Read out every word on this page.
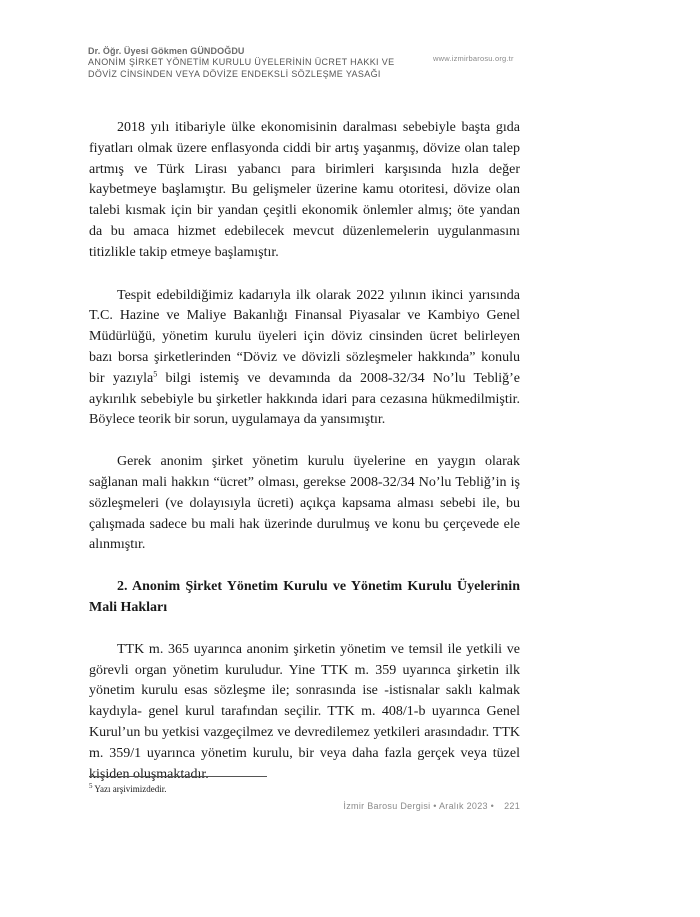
Dr. Öğr. Üyesi Gökmen GÜNDOĞDU
ANONİM ŞİRKET YÖNETİM KURULU ÜYELERİNİN ÜCRET HAKKI VE
DÖVİZ CİNSİNDEN VEYA DÖVİZE ENDEKSLİ SÖZLEŞME YASAĞI
www.izmirbarosu.org.tr

2018 yılı itibariyle ülke ekonomisinin daralması sebebiyle başta gıda fiyatları olmak üzere enflasyonda ciddi bir artış yaşanmış, dövize olan talep artmış ve Türk Lirası yabancı para birimleri karşısında hızla değer kaybetmeye başlamıştır. Bu gelişmeler üzerine kamu otoritesi, dövize olan talebi kısmak için bir yandan çeşitli ekonomik önlemler almış; öte yandan da bu amaca hizmet edebilecek mevcut düzenlemelerin uygulanmasını titizlikle takip etmeye başlamıştır.

Tespit edebildiğimiz kadarıyla ilk olarak 2022 yılının ikinci yarısında T.C. Hazine ve Maliye Bakanlığı Finansal Piyasalar ve Kambiyo Genel Müdürlüğü, yönetim kurulu üyeleri için döviz cinsinden ücret belirleyen bazı borsa şirketlerinden “Döviz ve dövizli sözleşmeler hakkında” konulu bir yazıyla$^5$ bilgi istemiş ve devamında da 2008-32/34 No’lu Tebliğ’e aykırılık sebebiyle bu şirketler hakkında idari para cezasına hükmedilmiştir. Böylece teorik bir sorun, uygulamaya da yansımıştır.

Gerek anonim şirket yönetim kurulu üyelerine en yaygın olarak sağlanan mali hakkın “ücret” olması, gerekse 2008-32/34 No’lu Tebliğ’in iş sözleşmeleri (ve dolayısıyla ücreti) açıkça kapsama alması sebebi ile, bu çalışmada sadece bu mali hak üzerinde durulmuş ve konu bu çerçevede ele alınmıştır.

2. Anonim Şirket Yönetim Kurulu ve Yönetim Kurulu Üyelerinin Mali Hakları

TTK m. 365 uyarınca anonim şirketin yönetim ve temsil ile yetkili ve görevli organ yönetim kuruludur. Yine TTK m. 359 uyarınca şirketin ilk yönetim kurulu esas sözleşme ile; sonrasında ise -istisnalar saklı kalmak kaydıyla- genel kurul tarafından seçilir. TTK m. 408/1-b uyarınca Genel Kurul’un bu yetkisi vazgeçilmez ve devredilemez yetkileri arasındadır. TTK m. 359/1 uyarınca yönetim kurulu, bir veya daha fazla gerçek veya tüzel kişiden oluşmaktadır.

$^5$ Yazı arşivimizdedir.
İzmir Barosu Dergisi • Aralık 2023 • 221
